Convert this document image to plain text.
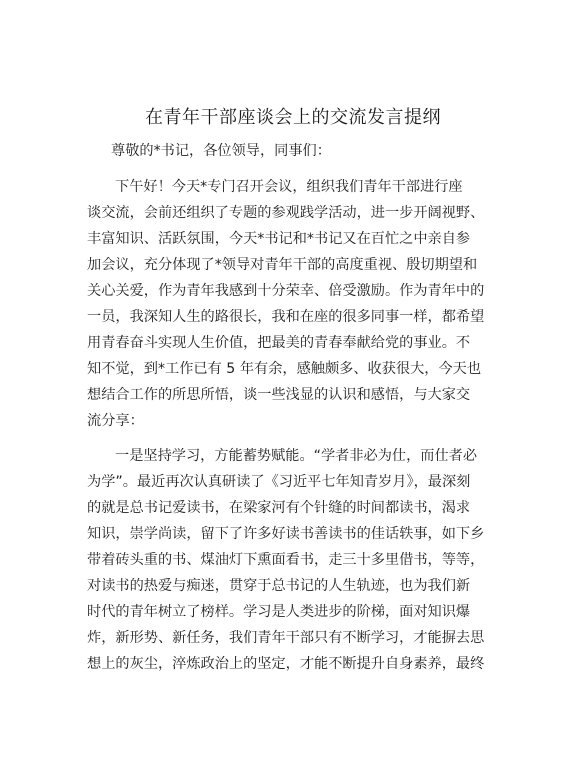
在青年干部座谈会上的交流发言提纲
尊敬的*书记，各位领导，同事们：
下午好！今天*专门召开会议，组织我们青年干部进行座
谈交流，会前还组织了专题的参观践学活动，进一步开阔视野、
丰富知识、活跃氛围，今天*书记和*书记又在百忙之中亲自参
加会议，充分体现了*领导对青年干部的高度重视、殷切期望和
关心关爱，作为青年我感到十分荣幸、倍受激励。作为青年中的
一员，我深知人生的路很长，我和在座的很多同事一样，都希望
用青春奋斗实现人生价值，把最美的青春奉献给党的事业。不
知不觉，到*工作已有 5 年有余，感触颇多、收获很大，今天也
想结合工作的所思所悟，谈一些浅显的认识和感悟，与大家交
流分享：
一是坚持学习，方能蓄势赋能。“学者非必为仕，而仕者必
为学”。最近再次认真研读了《习近平七年知青岁月》，最深刻
的就是总书记爱读书，在梁家河有个针缝的时间都读书，渴求
知识，崇学尚读，留下了许多好读书善读书的佳话轶事，如下乡
带着砖头重的书、煤油灯下熏面看书，走三十多里借书，等等，
对读书的热爱与痴迷，贯穿于总书记的人生轨迹，也为我们新
时代的青年树立了榜样。学习是人类进步的阶梯，面对知识爆
炸，新形势、新任务，我们青年干部只有不断学习，才能摒去思
想上的灰尘，淬炼政治上的坚定，才能不断提升自身素养，最终
